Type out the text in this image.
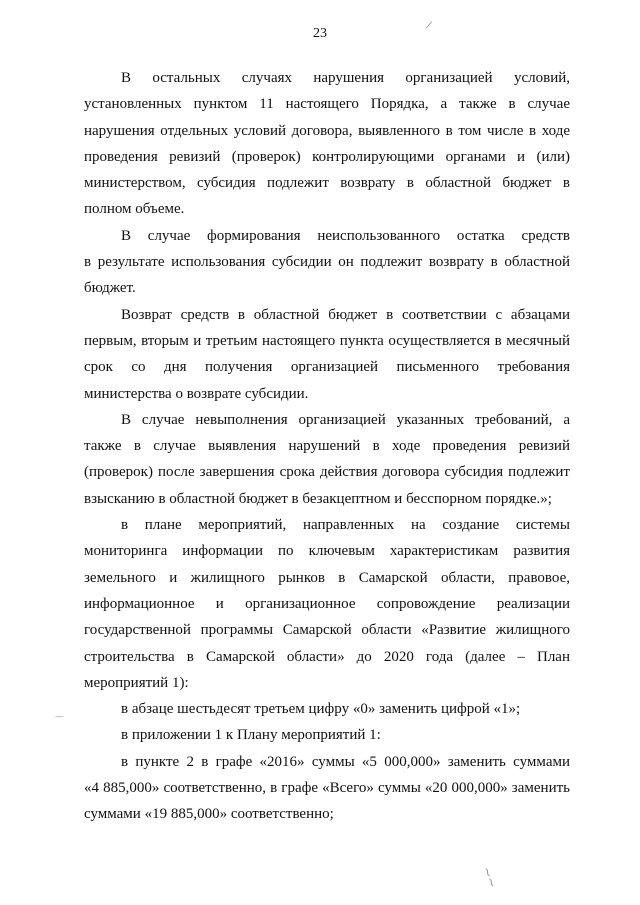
23
/
—
~~
В остальных случаях нарушения организацией условий,
установленных пунктом 11 настоящего Порядка, а также в случае
нарушения отдельных условий договора, выявленного в том числе в ходе
проведения ревизий (проверок) контролирующими органами и (или)
министерством, субсидия подлежит возврату в областной бюджет в
полном объеме.
В случае формирования неиспользованного остатка средств
в результате использования субсидии он подлежит возврату в областной
бюджет.
Возврат средств в областной бюджет в соответствии с абзацами
первым, вторым и третьим настоящего пункта осуществляется в месячный
срок со дня получения организацией письменного требования
министерства о возврате субсидии.
В случае невыполнения организацией указанных требований, а
также в случае выявления нарушений в ходе проведения ревизий
(проверок) после завершения срока действия договора субсидия подлежит
взысканию в областной бюджет в безакцептном и бесспорном порядке.»;
в плане мероприятий, направленных на создание системы
мониторинга информации по ключевым характеристикам развития
земельного и жилищного рынков в Самарской области, правовое,
информационное и организационное сопровождение реализации
государственной программы Самарской области «Развитие жилищного
строительства в Самарской области» до 2020 года (далее – План
мероприятий 1):
в абзаце шестьдесят третьем цифру «0» заменить цифрой «1»;
в приложении 1 к Плану мероприятий 1:
в пункте 2 в графе «2016» суммы «5 000,000» заменить суммами
«4 885,000» соответственно, в графе «Всего» суммы «20 000,000» заменить
суммами «19 885,000» соответственно;
